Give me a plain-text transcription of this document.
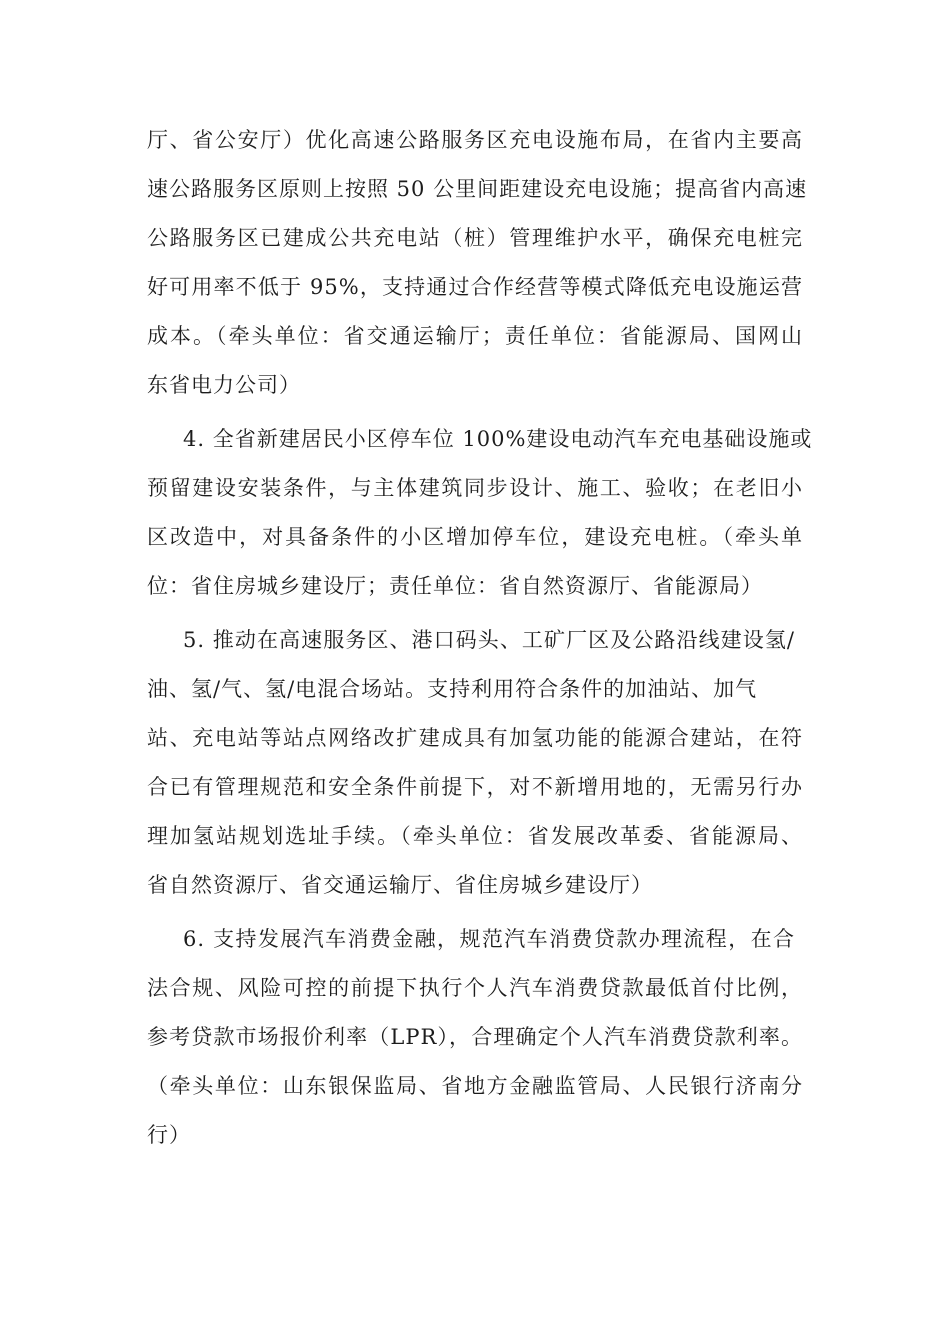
厅、省公安厅）优化高速公路服务区充电设施布局，在省内主要高
速公路服务区原则上按照 50 公里间距建设充电设施；提高省内高速
公路服务区已建成公共充电站（桩）管理维护水平，确保充电桩完
好可用率不低于 95%，支持通过合作经营等模式降低充电设施运营
成本。（牵头单位：省交通运输厅；责任单位：省能源局、国网山
东省电力公司）
4. 全省新建居民小区停车位 100%建设电动汽车充电基础设施或
预留建设安装条件，与主体建筑同步设计、施工、验收；在老旧小
区改造中，对具备条件的小区增加停车位，建设充电桩。（牵头单
位：省住房城乡建设厅；责任单位：省自然资源厅、省能源局）
5. 推动在高速服务区、港口码头、工矿厂区及公路沿线建设氢/
油、氢/气、氢/电混合场站。支持利用符合条件的加油站、加气
站、充电站等站点网络改扩建成具有加氢功能的能源合建站，在符
合已有管理规范和安全条件前提下，对不新增用地的，无需另行办
理加氢站规划选址手续。（牵头单位：省发展改革委、省能源局、
省自然资源厅、省交通运输厅、省住房城乡建设厅）
6. 支持发展汽车消费金融，规范汽车消费贷款办理流程，在合
法合规、风险可控的前提下执行个人汽车消费贷款最低首付比例，
参考贷款市场报价利率（LPR），合理确定个人汽车消费贷款利率。
（牵头单位：山东银保监局、省地方金融监管局、人民银行济南分
行）
